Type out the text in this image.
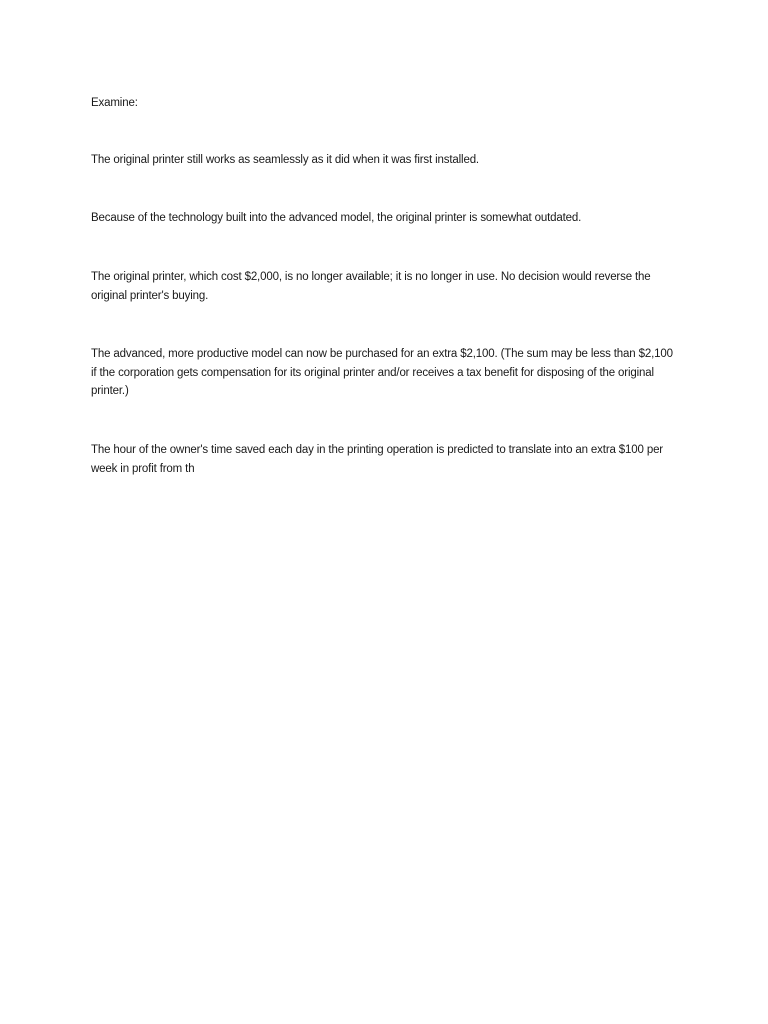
Examine:
The original printer still works as seamlessly as it did when it was first installed.
Because of the technology built into the advanced model, the original printer is somewhat outdated.
The original printer, which cost $2,000, is no longer available; it is no longer in use. No decision would reverse the original printer's buying.
The advanced, more productive model can now be purchased for an extra $2,100. (The sum may be less than $2,100 if the corporation gets compensation for its original printer and/or receives a tax benefit for disposing of the original printer.)
The hour of the owner's time saved each day in the printing operation is predicted to translate into an extra $100 per week in profit from th
